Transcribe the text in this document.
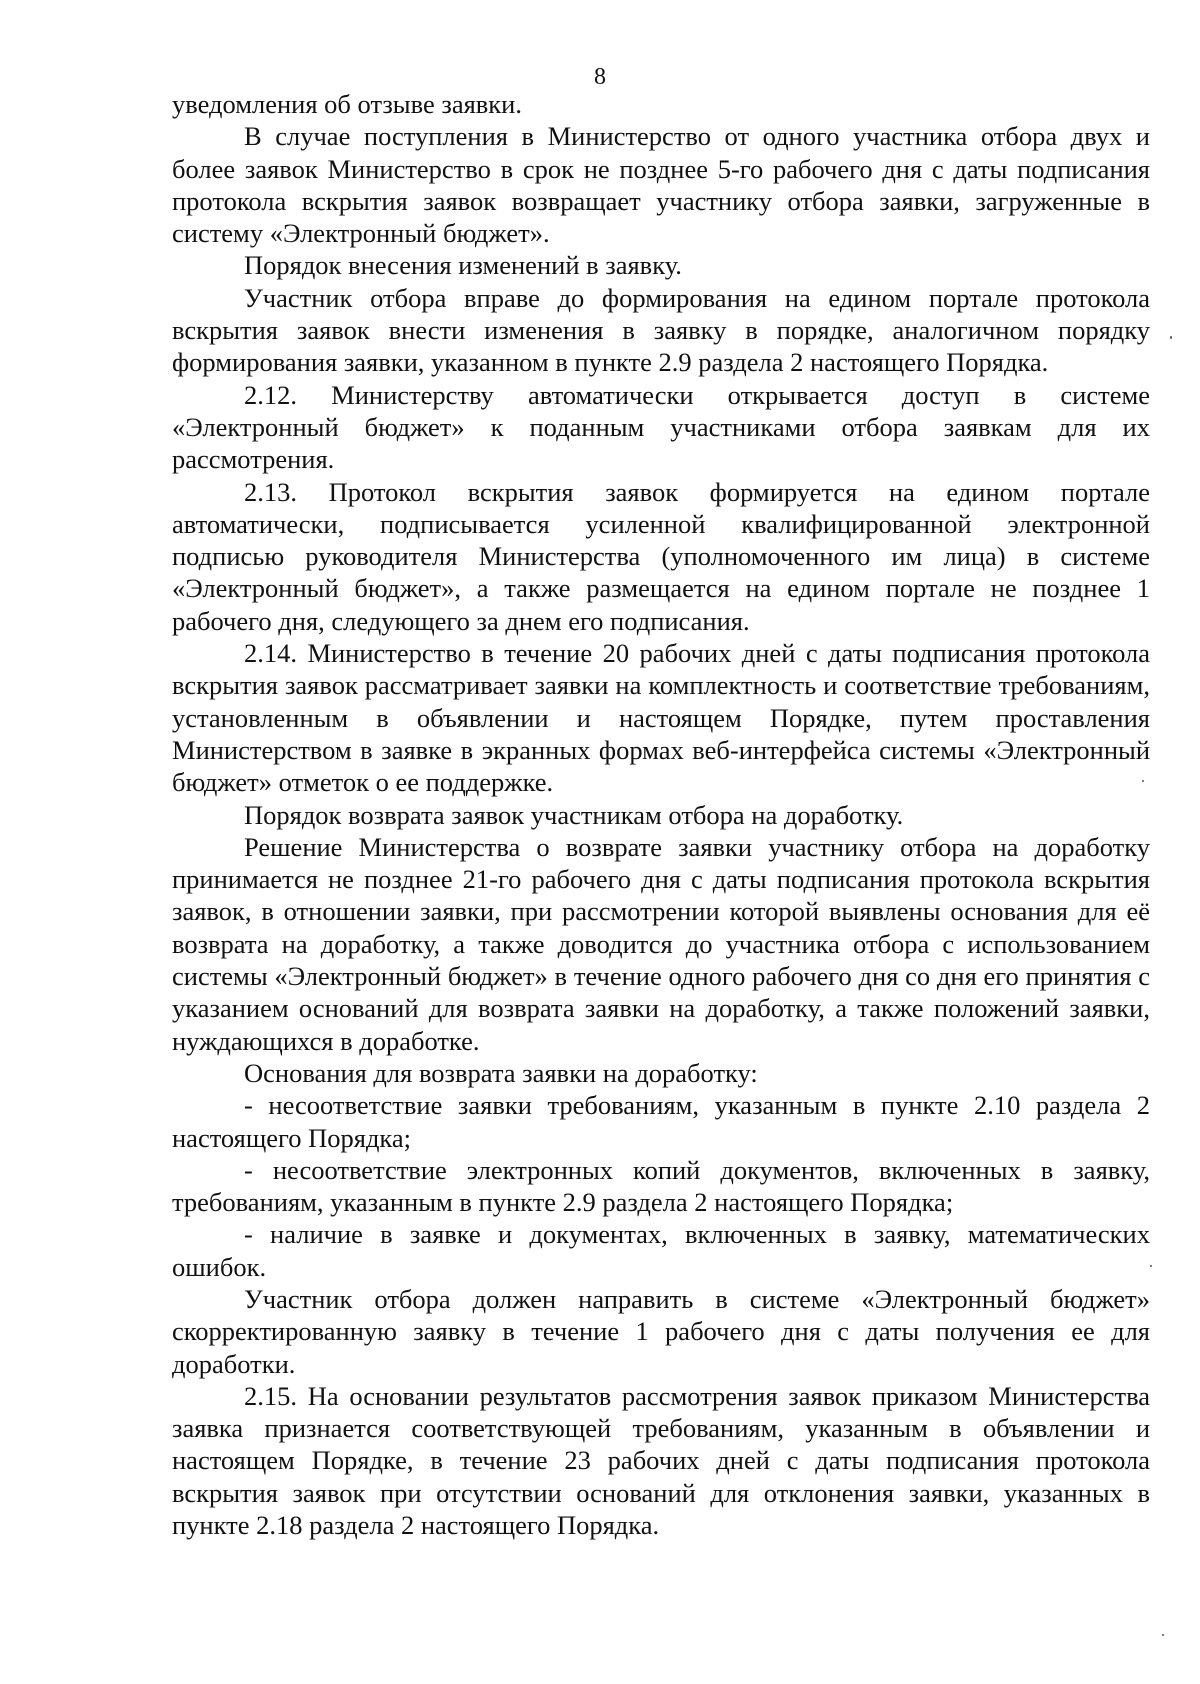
8

уведомления об отзыве заявки.

В случае поступления в Министерство от одного участника отбора двух и более заявок Министерство в срок не позднее 5-го рабочего дня с даты подписания протокола вскрытия заявок возвращает участнику отбора заявки, загруженные в систему «Электронный бюджет».

Порядок внесения изменений в заявку.

Участник отбора вправе до формирования на едином портале протокола вскрытия заявок внести изменения в заявку в порядке, аналогичном порядку формирования заявки, указанном в пункте 2.9 раздела 2 настоящего Порядка.

2.12. Министерству автоматически открывается доступ в системе «Электронный бюджет» к поданным участниками отбора заявкам для их рассмотрения.

2.13. Протокол вскрытия заявок формируется на едином портале автоматически, подписывается усиленной квалифицированной электронной подписью руководителя Министерства (уполномоченного им лица) в системе «Электронный бюджет», а также размещается на едином портале не позднее 1 рабочего дня, следующего за днем его подписания.

2.14. Министерство в течение 20 рабочих дней с даты подписания протокола вскрытия заявок рассматривает заявки на комплектность и соответствие требованиям, установленным в объявлении и настоящем Порядке, путем проставления Министерством в заявке в экранных формах веб-интерфейса системы «Электронный бюджет» отметок о ее поддержке.

Порядок возврата заявок участникам отбора на доработку.

Решение Министерства о возврате заявки участнику отбора на доработку принимается не позднее 21-го рабочего дня с даты подписания протокола вскрытия заявок, в отношении заявки, при рассмотрении которой выявлены основания для её возврата на доработку, а также доводится до участника отбора с использованием системы «Электронный бюджет» в течение одного рабочего дня со дня его принятия с указанием оснований для возврата заявки на доработку, а также положений заявки, нуждающихся в доработке.

Основания для возврата заявки на доработку:

- несоответствие заявки требованиям, указанным в пункте 2.10 раздела 2 настоящего Порядка;

- несоответствие электронных копий документов, включенных в заявку, требованиям, указанным в пункте 2.9 раздела 2 настоящего Порядка;

- наличие в заявке и документах, включенных в заявку, математических ошибок.

Участник отбора должен направить в системе «Электронный бюджет» скорректированную заявку в течение 1 рабочего дня с даты получения ее для доработки.

2.15. На основании результатов рассмотрения заявок приказом Министерства заявка признается соответствующей требованиям, указанным в объявлении и настоящем Порядке, в течение 23 рабочих дней с даты подписания протокола вскрытия заявок при отсутствии оснований для отклонения заявки, указанных в пункте 2.18 раздела 2 настоящего Порядка.
